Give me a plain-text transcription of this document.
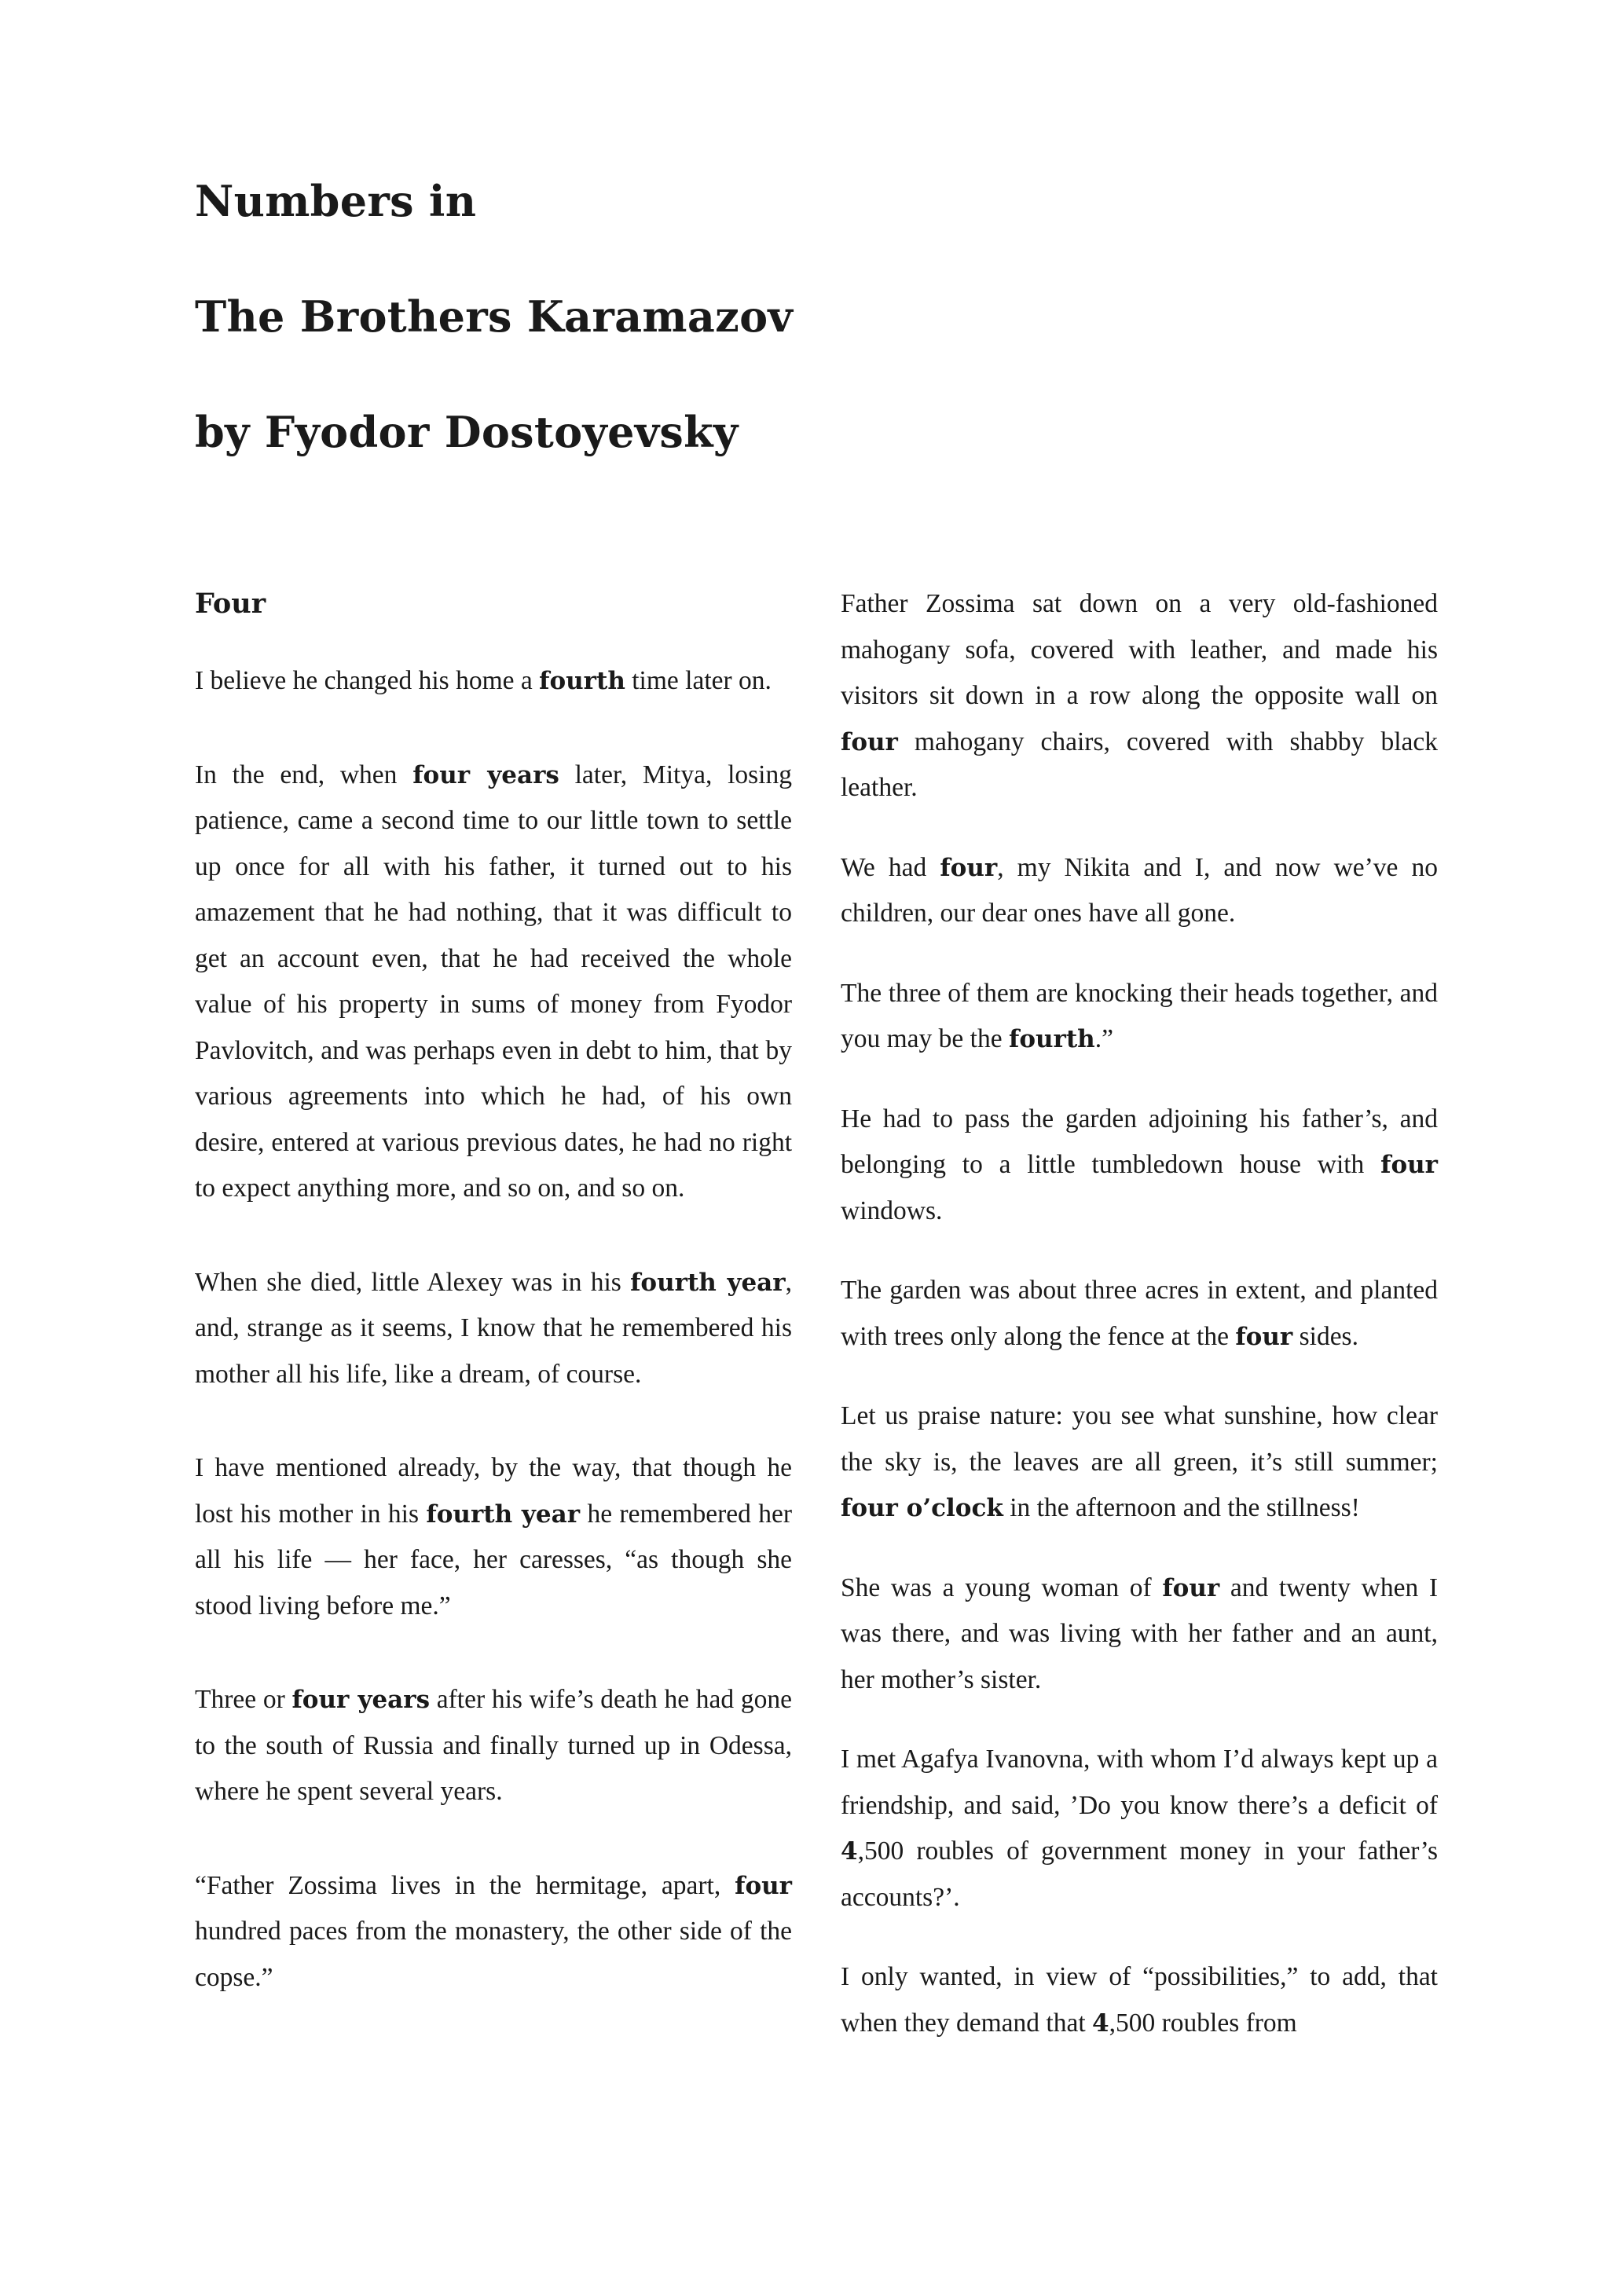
Numbers in
The Brothers Karamazov
by Fyodor Dostoyevsky
Four

I believe he changed his home a fourth time later on.

In the end, when four years later, Mitya, losing patience, came a second time to our little town to settle up once for all with his father, it turned out to his amazement that he had nothing, that it was difficult to get an account even, that he had received the whole value of his property in sums of money from Fyodor Pavlovitch, and was perhaps even in debt to him, that by various agreements into which he had, of his own desire, entered at various previous dates, he had no right to expect anything more, and so on, and so on.

When she died, little Alexey was in his fourth year, and, strange as it seems, I know that he remembered his mother all his life, like a dream, of course.

I have mentioned already, by the way, that though he lost his mother in his fourth year he remembered her all his life — her face, her caresses, “as though she stood living before me.”

Three or four years after his wife’s death he had gone to the south of Russia and finally turned up in Odessa, where he spent several years.

“Father Zossima lives in the hermitage, apart, four hundred paces from the monastery, the other side of the copse.”

Father Zossima sat down on a very old-fashioned mahogany sofa, covered with leather, and made his visitors sit down in a row along the opposite wall on four mahogany chairs, covered with shabby black leather.

We had four, my Nikita and I, and now we’ve no children, our dear ones have all gone.

The three of them are knocking their heads together, and you may be the fourth.”

He had to pass the garden adjoining his father’s, and belonging to a little tumbledown house with four windows.

The garden was about three acres in extent, and planted with trees only along the fence at the four sides.

Let us praise nature: you see what sunshine, how clear the sky is, the leaves are all green, it’s still summer; four o’clock in the afternoon and the stillness!

She was a young woman of four and twenty when I was there, and was living with her father and an aunt, her mother’s sister.

I met Agafya Ivanovna, with whom I’d always kept up a friendship, and said, ’Do you know there’s a deficit of 4,500 roubles of government money in your father’s accounts?’.

I only wanted, in view of “possibilities,” to add, that when they demand that 4,500 roubles from
